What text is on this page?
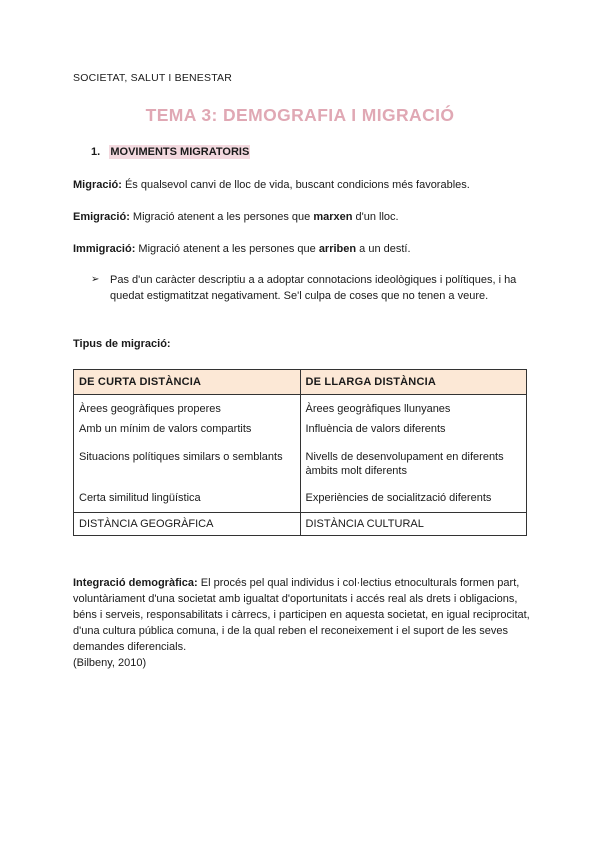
SOCIETAT, SALUT I BENESTAR
TEMA 3: DEMOGRAFIA I MIGRACIÓ
1. MOVIMENTS MIGRATORIS
Migració: És qualsevol canvi de lloc de vida, buscant condicions més favorables.
Emigració: Migració atenent a les persones que marxen d'un lloc.
Immigració: Migració atenent a les persones que arriben a un destí.
➢ Pas d'un caràcter descriptiu a a adoptar connotacions ideològiques i polítiques, i ha quedat estigmatitzat negativament. Se'l culpa de coses que no tenen a veure.
Tipus de migració:
DE CURTA DISTÀNCIA	DE LLARGA DISTÀNCIA

Àrees geogràfiques properes	Àrees geogràfiques llunyanes

Amb un mínim de valors compartits	Influència de valors diferents

Situacions polítiques similars o semblants	Nivells de desenvolupament en diferents àmbits molt diferents

Certa similitud lingüística	Experiències de socialització diferents

DISTÀNCIA GEOGRÀFICA	DISTÀNCIA CULTURAL
Integració demogràfica: El procés pel qual individus i col·lectius etnoculturals formen part, voluntàriament d'una societat amb igualtat d'oportunitats i accés real als drets i obligacions, béns i serveis, responsabilitats i càrrecs, i participen en aquesta societat, en igual reciprocitat, d'una cultura pública comuna, i de la qual reben el reconeixement i el suport de les seves demandes diferencials.
(Bilbeny, 2010)
